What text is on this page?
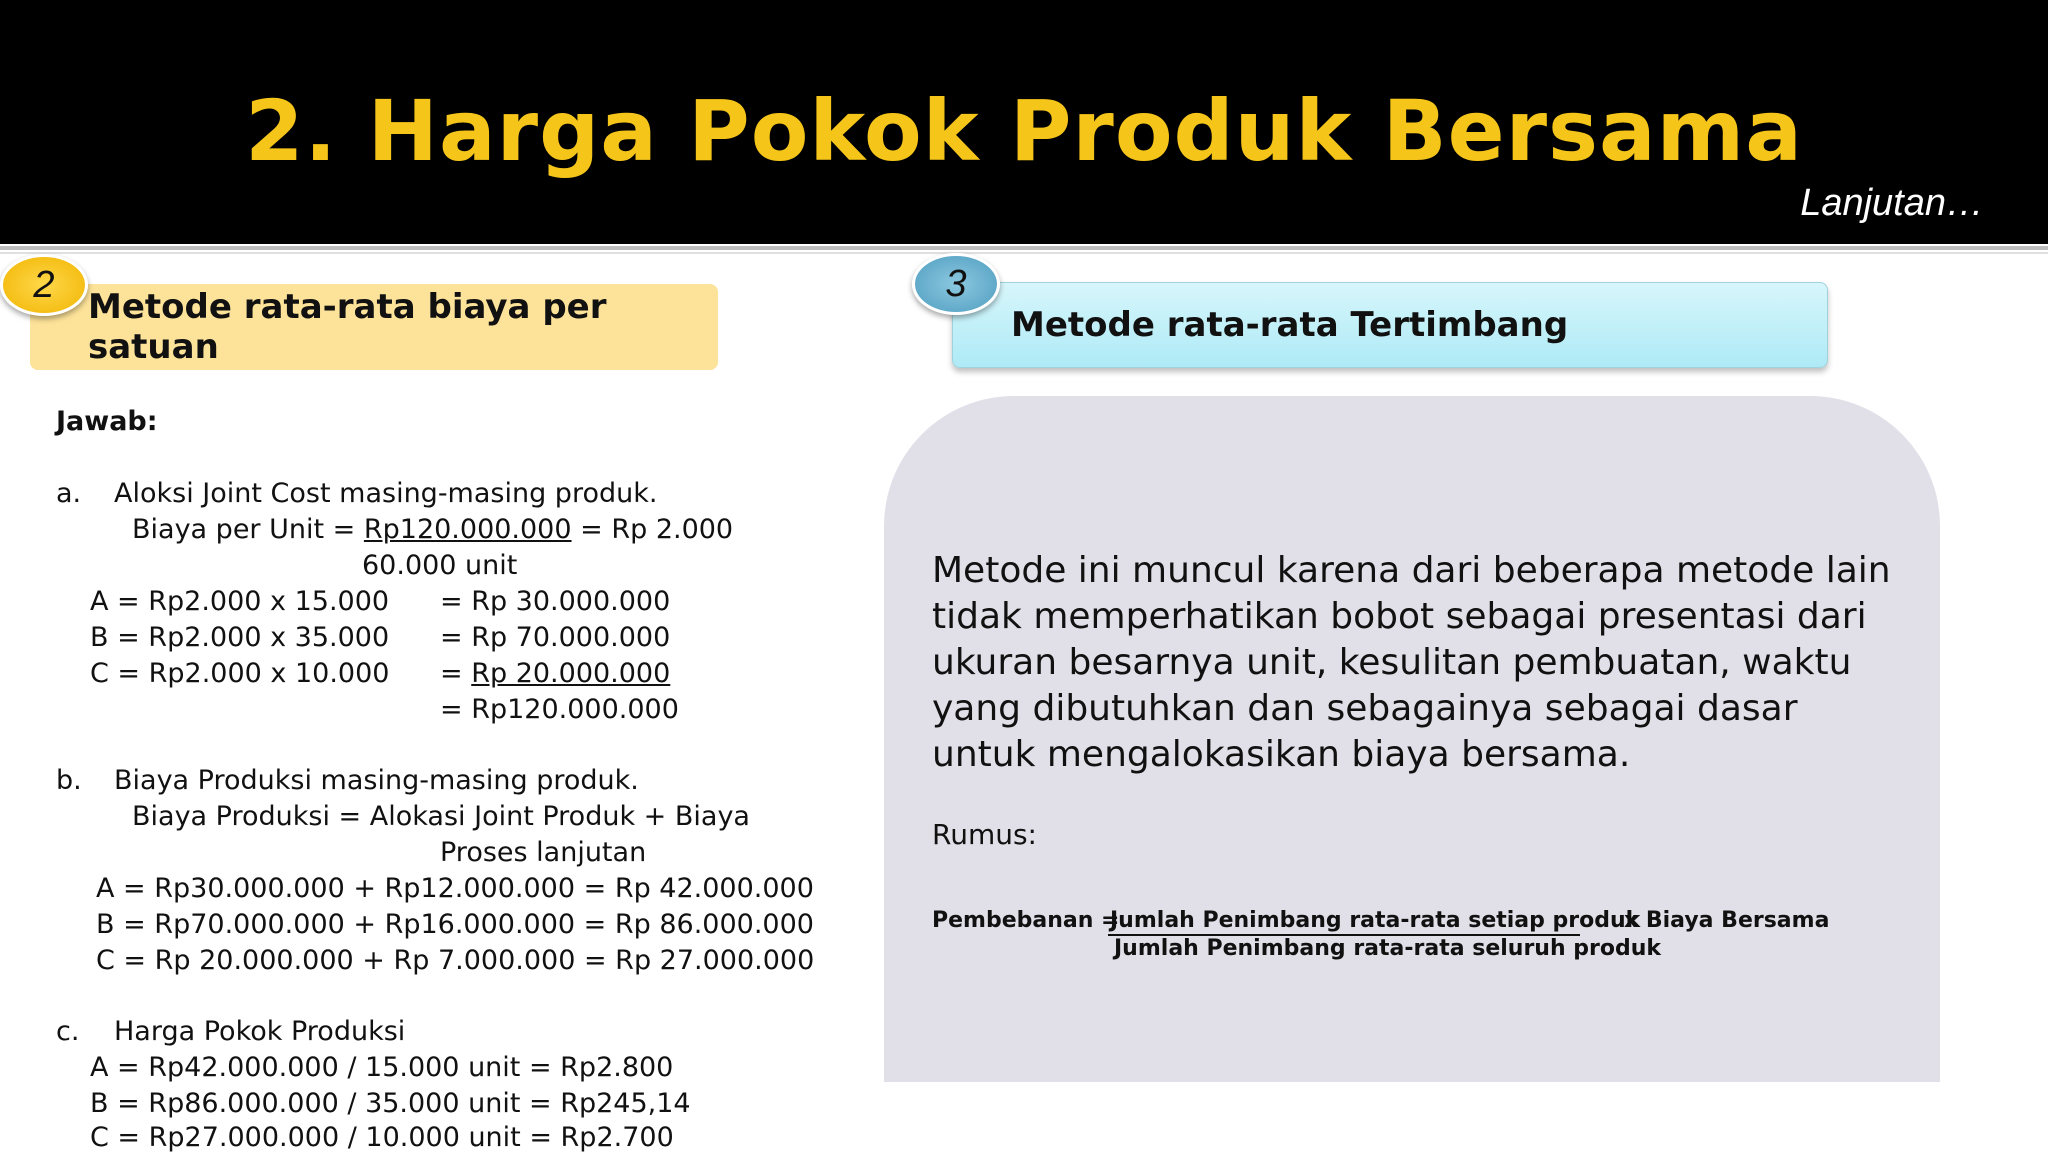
2. Harga Pokok Produk Bersama
Lanjutan…
Metode rata-rata biaya per satuan
2
Jawab:
a. Aloksi Joint Cost masing-masing produk.
Biaya per Unit = Rp120.000.000 = Rp 2.000
60.000 unit
A = Rp2.000 x 15.000 = Rp 30.000.000
B = Rp2.000 x 35.000 = Rp 70.000.000
C = Rp2.000 x 10.000 = Rp 20.000.000
= Rp120.000.000
b. Biaya Produksi masing-masing produk.
Biaya Produksi = Alokasi Joint Produk + Biaya
Proses lanjutan
A = Rp30.000.000 + Rp12.000.000 = Rp 42.000.000
B = Rp70.000.000 + Rp16.000.000 = Rp 86.000.000
C = Rp 20.000.000 + Rp 7.000.000 = Rp 27.000.000
c. Harga Pokok Produksi
A = Rp42.000.000 / 15.000 unit = Rp2.800
B = Rp86.000.000 / 35.000 unit = Rp245,14
C = Rp27.000.000 / 10.000 unit = Rp2.700
Metode rata-rata Tertimbang
3
Metode ini muncul karena dari beberapa metode lain tidak memperhatikan bobot sebagai presentasi dari ukuran besarnya unit, kesulitan pembuatan, waktu yang dibutuhkan dan sebagainya sebagai dasar untuk mengalokasikan biaya bersama.
Rumus:
Pembebanan =
Jumlah Penimbang rata-rata setiap produk
Jumlah Penimbang rata-rata seluruh produk
x Biaya Bersama
